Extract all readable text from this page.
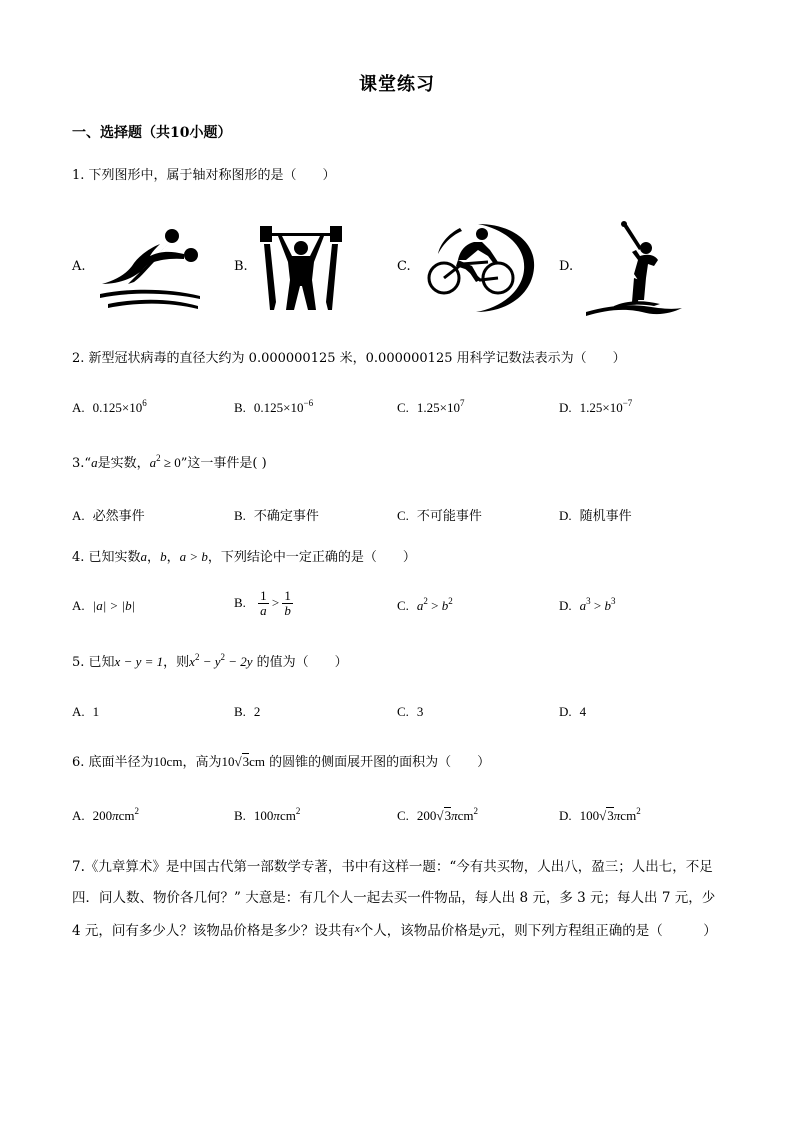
课堂练习
一、选择题（共10小题）
1. 下列图形中，属于轴对称图形的是（　　）
A.	B.	C.	D.
2. 新型冠状病毒的直径大约为 0.000000125 米，0.000000125 用科学记数法表示为（　　）
A. $0.125\times 10^6$	B. $0.125\times 10^{-6}$	C. $1.25\times 10^7$	D. $1.25\times 10^{-7}$
3.“a是实数，$a^2 \ge 0$”这一事件是( )
A. 必然事件	B. 不确定事件	C. 不可能事件	D. 随机事件
4. 已知实数a，b，a > b，下列结论中一定正确的是（　　）
A. |a| > |b|	B. $\frac{1}{a} > \frac{1}{b}$	C. $a^2 > b^2$	D. $a^3 > b^3$
5. 已知x − y = 1，则$x^2 - y^2 - 2y$ 的值为（　　）
A. 1	B. 2	C. 3	D. 4
6. 底面半径为10cm，高为10√3cm 的圆锥的侧面展开图的面积为（　　）
A. 200πcm$^2$	B. 100πcm$^2$	C. 200√3πcm$^2$	D. 100√3πcm$^2$
7.《九章算术》是中国古代第一部数学专著，书中有这样一题：“今有共买物，人出八，盈三；人出七，不足四．问人数、物价各几何？” 大意是：有几个人一起去买一件物品，每人出 8 元，多 3 元；每人出 7 元，少 4 元，问有多少人？该物品价格是多少？设共有$^x$个人，该物品价格是y元，则下列方程组正确的是（　　　）
